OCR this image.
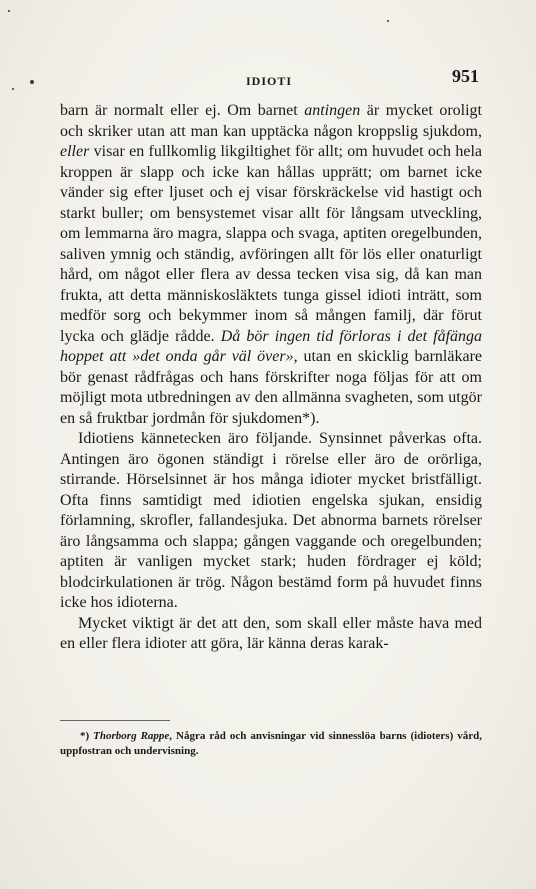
IDIOTI	951

barn är normalt eller ej. Om barnet antingen är mycket oroligt och skriker utan att man kan upptäcka någon kroppslig sjukdom, eller visar en fullkomlig likgiltighet för allt; om huvudet och hela kroppen är slapp och icke kan hållas upprätt; om barnet icke vänder sig efter ljuset och ej visar förskräckelse vid hastigt och starkt buller; om bensystemet visar allt för långsam utveckling, om lemmarna äro magra, slappa och svaga, aptiten oregelbunden, saliven ymnig och ständig, avföringen allt för lös eller onaturligt hård, om något eller flera av dessa tecken visa sig, då kan man frukta, att detta människosläktets tunga gissel idioti inträtt, som medför sorg och bekymmer inom så mången familj, där förut lycka och glädje rådde. Då bör ingen tid förloras i det fåfänga hoppet att »det onda går väl över», utan en skicklig barnläkare bör genast rådfrågas och hans förskrifter noga följas för att om möjligt mota utbredningen av den allmänna svagheten, som utgör en så fruktbar jordmån för sjukdomen*).

Idiotiens kännetecken äro följande. Synsinnet påverkas ofta. Antingen äro ögonen ständigt i rörelse eller äro de orörliga, stirrande. Hörselsinnet är hos många idioter mycket bristfälligt. Ofta finns samtidigt med idiotien engelska sjukan, ensidig förlamning, skrofler, fallandesjuka. Det abnorma barnets rörelser äro långsamma och slappa; gången vaggande och oregelbunden; aptiten är vanligen mycket stark; huden fördrager ej köld; blodcirkulationen är trög. Någon bestämd form på huvudet finns icke hos idioterna.

Mycket viktigt är det att den, som skall eller måste hava med en eller flera idioter att göra, lär känna deras karak-

*) Thorborg Rappe, Några råd och anvisningar vid sinnesslöa barns (idioters) vård, uppfostran och undervisning.
